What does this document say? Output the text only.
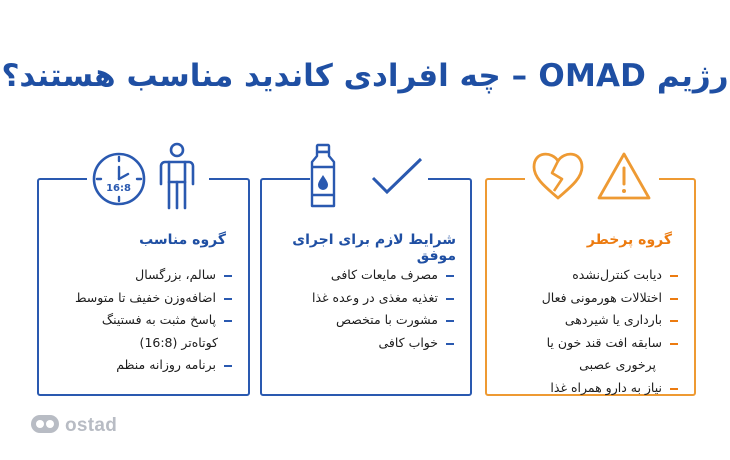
رژیم OMAD – چه افرادی کاندید مناسب هستند؟
16:8
گروه مناسب
سالم، بزرگسال
اضافه‌وزن خفیف تا متوسط
پاسخ مثبت به فستینگ
کوتاه‌تر (16:8)
برنامه روزانه منظم
شرایط لازم برای اجرای موفق
مصرف مایعات کافی
تغذیه مغذی در وعده غذا
مشورت با متخصص
خواب کافی
گروه پرخطر
دیابت کنترل‌نشده
اختلالات هورمونی فعال
بارداری یا شیردهی
سابقه افت قند خون یا
پرخوری عصبی
نیاز به دارو همراه غذا
ostad
